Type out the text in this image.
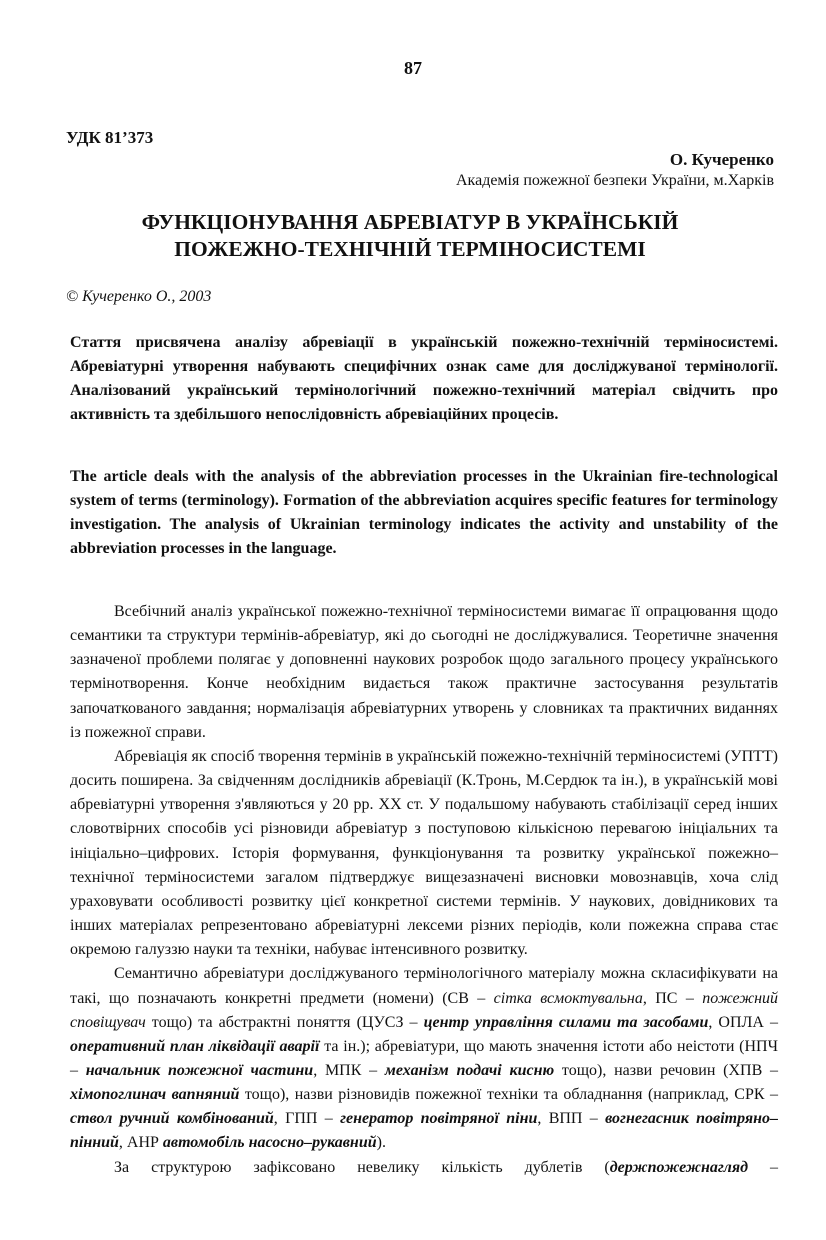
87
УДК 81’373
О. Кучеренко
Академія пожежної безпеки України, м.Харків
ФУНКЦІОНУВАННЯ АБРЕВІАТУР В УКРАЇНСЬКІЙ
ПОЖЕЖНО-ТЕХНІЧНІЙ ТЕРМІНОСИСТЕМІ
© Кучеренко О., 2003
Стаття присвячена аналізу абревіації в українській пожежно-технічній терміносистемі. Абревіатурні утворення набувають специфічних ознак саме для досліджуваної термінології. Аналізований український термінологічний пожежно-технічний матеріал свідчить про активність та здебільшого непослідовність абревіаційних процесів.
The article deals with the analysis of the abbreviation processes in the Ukrainian fire-technological system of terms (terminology). Formation of the abbreviation acquires specific features for terminology investigation. The analysis of Ukrainian terminology indicates the activity and unstability of the abbreviation processes in the language.

Всебічний аналіз української пожежно-технічної терміносистеми вимагає її опрацювання щодо семантики та структури термінів-абревіатур, які до сьогодні не досліджувалися. Теоретичне значення зазначеної проблеми полягає у доповненні наукових розробок щодо загального процесу українського термінотворення. Конче необхідним видається також практичне застосування результатів започаткованого завдання; нормалізація абревіатурних утворень у словниках та практичних виданнях із пожежної справи.

Абревіація як спосіб творення термінів в українській пожежно-технічній терміносистемі (УПТТ) досить поширена. За свідченням дослідників абревіації (К.Тронь, М.Сердюк та ін.), в українській мові абревіатурні утворення з'являються у 20 рр. ХХ ст. У подальшому набувають стабілізації серед інших словотвірних способів усі різновиди абревіатур з поступовою кількісною перевагою ініціальних та ініціально–цифрових. Історія формування, функціонування та розвитку української пожежно–технічної терміносистеми загалом підтверджує вищезазначені висновки мовознавців, хоча слід ураховувати особливості розвитку цієї конкретної системи термінів. У наукових, довідникових та інших матеріалах репрезентовано абревіатурні лексеми різних періодів, коли пожежна справа стає окремою галуззю науки та техніки, набуває інтенсивного розвитку.

Семантично абревіатури досліджуваного термінологічного матеріалу можна скласифікувати на такі, що позначають конкретні предмети (номени) (СВ – сітка всмоктувальна, ПС – пожежний сповіщувач тощо) та абстрактні поняття (ЦУСЗ – центр управління силами та засобами, ОПЛА – оперативний план ліквідації аварії та ін.); абревіатури, що мають значення істоти або неістоти (НПЧ – начальник пожежної частини, МПК – механізм подачі кисню тощо), назви речовин (ХПВ – хімопоглинач вапняний тощо), назви різновидів пожежної техніки та обладнання (наприклад, СРК – ствол ручний комбінований, ГПП – генератор повітряної піни, ВПП – вогнегасник повітряно–пінний, АНР автомобіль насосно–рукавний).

За структурою зафіксовано невелику кількість дублетів (держпожежнагляд –
